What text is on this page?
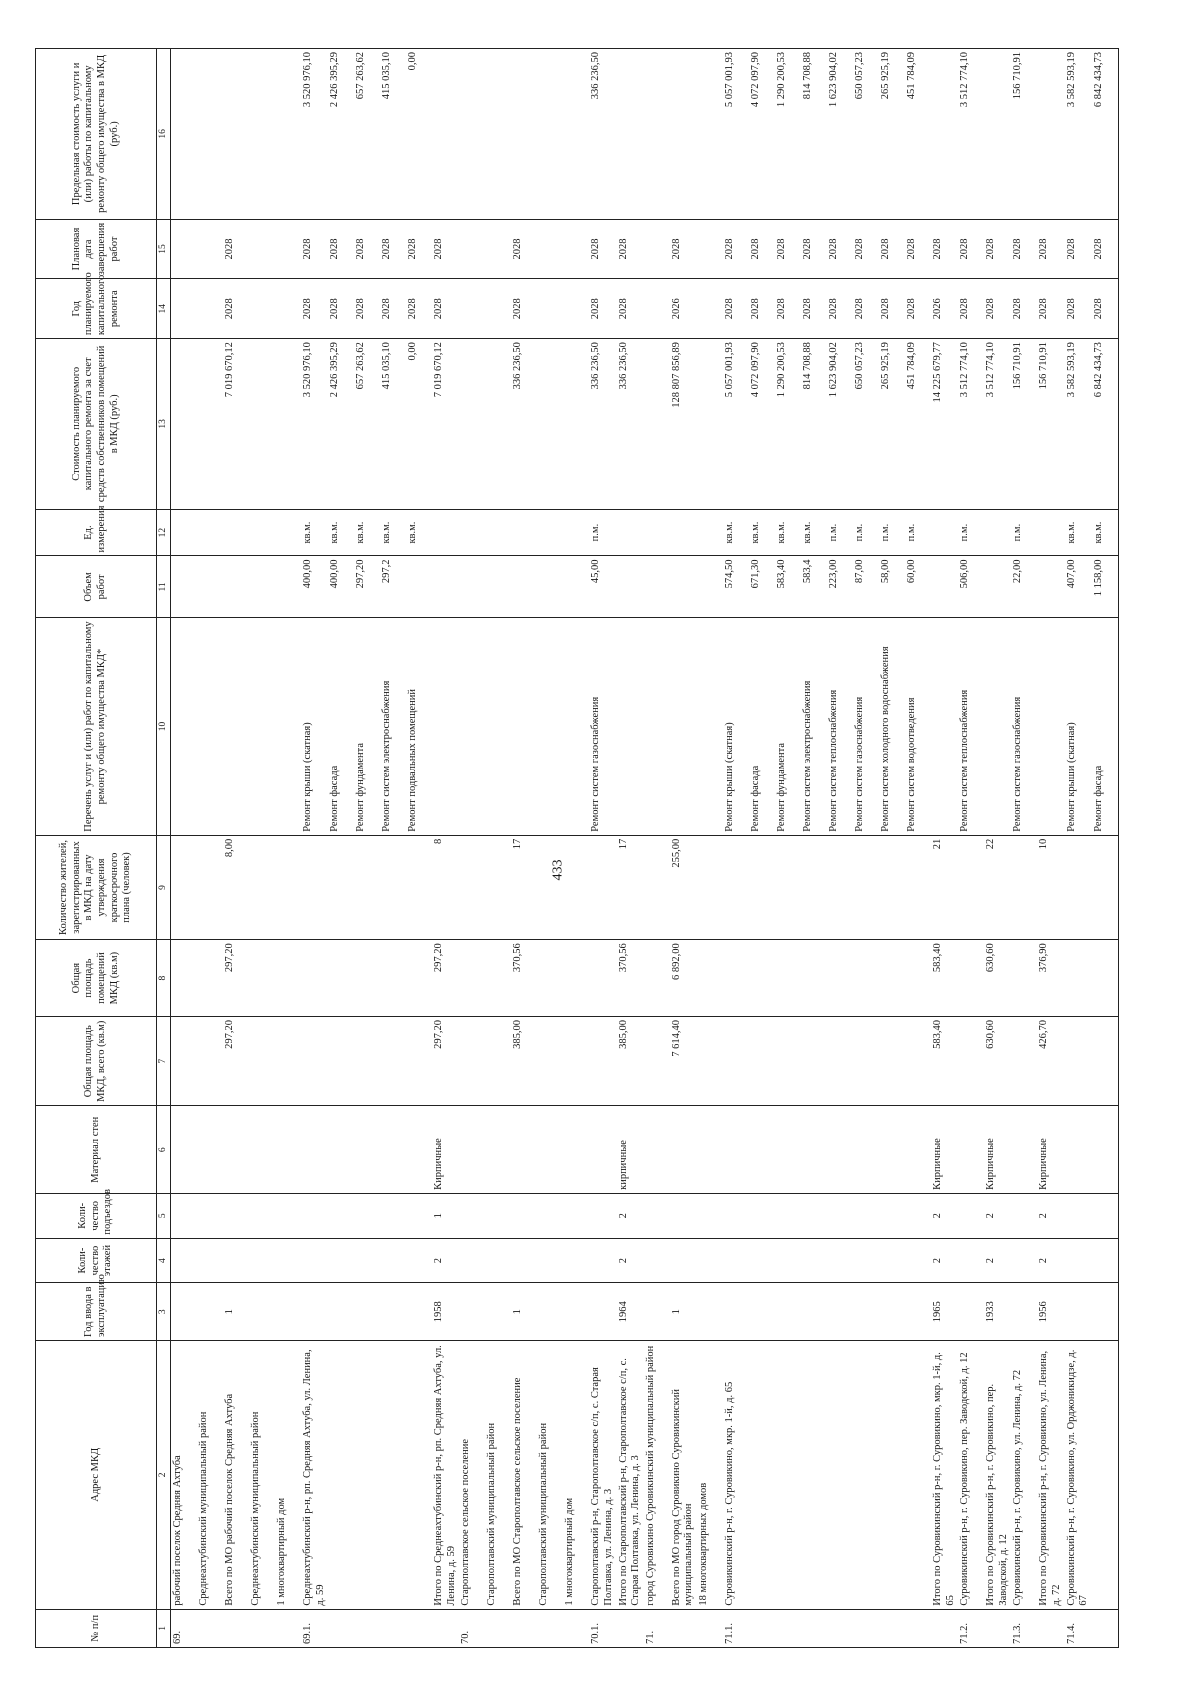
433
№ п/п	Адрес МКД	Год ввода в эксплуатацию	Коли-чество этажей	Коли-чество подъездов	Материал стен	Общая площадь МКД, всего (кв.м)	Общая площадь помещений МКД (кв.м)	Количество жителей, зарегистрированных в МКД на дату утверждения краткосрочного плана (человек)	Перечень услуг и (или) работ по капитальному ремонту общего имущества МКД*	Объем работ	Ед. измерения	Стоимость планируемого капитального ремонта за счет средств собственников помещений в МКД (руб.)	Год планируемого капитального ремонта	Плановая дата завершения работ	Предельная стоимость услуги и (или) работы по капитальному ремонту общего имущества в МКД (руб.)
1	2	3	4	5	6	7	8	9	10	11	12	13	14	15	16
69.	рабочий поселок Средняя Ахтуба														
	Среднеахтубинский муниципальный район														
	Всего по МО рабочий поселок Средняя Ахтуба	1				297,20	297,20	8,00				7 019 670,12	2028	2028	
	Среднеахтубинский муниципальный район														
	1 многоквартирный дом														
69.1.	Среднеахтубинский р-н, рп. Средняя Ахтуба, ул. Ленина, д. 59								Ремонт крыши (скатная)	400,00	кв.м.	3 520 976,10	2028	2028	3 520 976,10
									Ремонт фасада	400,00	кв.м.	2 426 395,29	2028	2028	2 426 395,29
									Ремонт фундамента	297,20	кв.м.	657 263,62	2028	2028	657 263,62
									Ремонт систем электроснабжения	297,2	кв.м.	415 035,10	2028	2028	415 035,10
									Ремонт подвальных помещений		кв.м.	0,00	2028	2028	0,00
	Итого по Среднеахтубинский р-н, рп. Средняя Ахтуба, ул. Ленина, д. 59	1958	2	1	Кирпичные	297,20	297,20	8				7 019 670,12	2028	2028	
70.	Старополтавское сельское поселение														
	Старополтавский муниципальный район														
	Всего по МО Старополтавское сельское поселение	1				385,00	370,56	17				336 236,50	2028	2028	
	Старополтавский муниципальный район														
	1 многоквартирный дом														
70.1.	Старополтавский р-н, Старополтавское с/п, с. Старая Полтавка, ул. Ленина, д. 3								Ремонт систем газоснабжения	45,00	п.м.	336 236,50	2028	2028	336 236,50
	Итого по Старополтавский р-н, Старополтавское с/п, с. Старая Полтавка, ул. Ленина, д. 3	1964	2	2	кирпичные	385,00	370,56	17				336 236,50	2028	2028	
71.	город Суровикино Суровикинский муниципальный район														
	Всего по МО город Суровикино Суровикинский муниципальный район	1				7 614,40	6 892,00	255,00				128 807 856,89	2026	2028	
	18 многоквартирных домов														
71.1.	Суровикинский р-н, г. Суровикино, мкр. 1-й, д. 65								Ремонт крыши (скатная)	574,50	кв.м.	5 057 001,93	2028	2028	5 057 001,93
									Ремонт фасада	671,30	кв.м.	4 072 097,90	2028	2028	4 072 097,90
									Ремонт фундамента	583,40	кв.м.	1 290 200,53	2028	2028	1 290 200,53
									Ремонт систем электроснабжения	583,4	кв.м.	814 708,88	2028	2028	814 708,88
									Ремонт систем теплоснабжения	223,00	п.м.	1 623 904,02	2028	2028	1 623 904,02
									Ремонт систем газоснабжения	87,00	п.м.	650 057,23	2028	2028	650 057,23
									Ремонт систем холодного водоснабжения	58,00	п.м.	265 925,19	2028	2028	265 925,19
									Ремонт систем водоотведения	60,00	п.м.	451 784,09	2028	2028	451 784,09
	Итого по Суровикинский р-н, г. Суровикино, мкр. 1-й, д. 65	1965	2	2	Кирпичные	583,40	583,40	21				14 225 679,77	2026	2028	
71.2.	Суровикинский р-н, г. Суровикино, пер. Заводской, д. 12								Ремонт систем теплоснабжения	506,00	п.м.	3 512 774,10	2028	2028	3 512 774,10
	Итого по Суровикинский р-н, г. Суровикино, пер. Заводской, д. 12	1933	2	2	Кирпичные	630,60	630,60	22				3 512 774,10	2028	2028	
71.3.	Суровикинский р-н, г. Суровикино, ул. Ленина, д. 72								Ремонт систем газоснабжения	22,00	п.м.	156 710,91	2028	2028	156 710,91
	Итого по Суровикинский р-н, г. Суровикино, ул. Ленина, д. 72	1956	2	2	Кирпичные	426,70	376,90	10				156 710,91	2028	2028	
71.4.	Суровикинский р-н, г. Суровикино, ул. Орджоникидзе, д. 67								Ремонт крыши (скатная)	407,00	кв.м.	3 582 593,19	2028	2028	3 582 593,19
									Ремонт фасада	1 158,00	кв.м.	6 842 434,73	2028	2028	6 842 434,73
